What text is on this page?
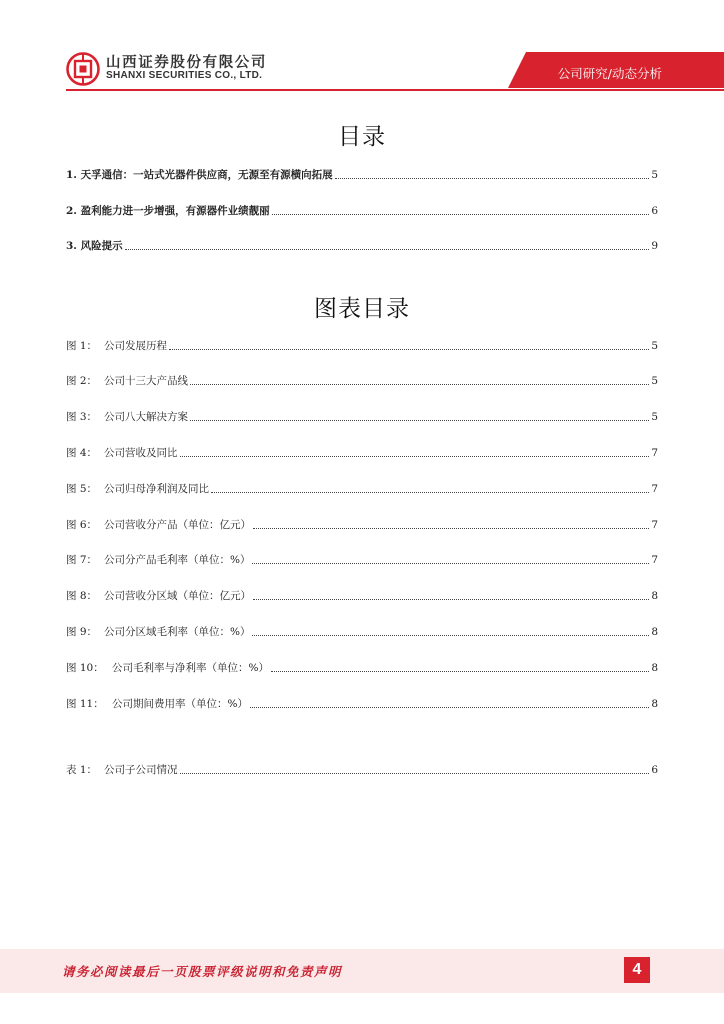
山西证券股份有限公司
SHANXI SECURITIES CO., LTD.	公司研究/动态分析
目录
1. 天孚通信：一站式光器件供应商，无源至有源横向拓展	5
2. 盈利能力进一步增强，有源器件业绩靓丽	6
3. 风险提示	9
图表目录
图 1： 公司发展历程	5
图 2： 公司十三大产品线	5
图 3： 公司八大解决方案	5
图 4： 公司营收及同比	7
图 5： 公司归母净利润及同比	7
图 6： 公司营收分产品（单位：亿元）	7
图 7： 公司分产品毛利率（单位：%）	7
图 8： 公司营收分区域（单位：亿元）	8
图 9： 公司分区域毛利率（单位：%）	8
图 10： 公司毛利率与净利率（单位：%）	8
图 11： 公司期间费用率（单位：%）	8
表 1： 公司子公司情况	6
请务必阅读最后一页股票评级说明和免责声明	4
